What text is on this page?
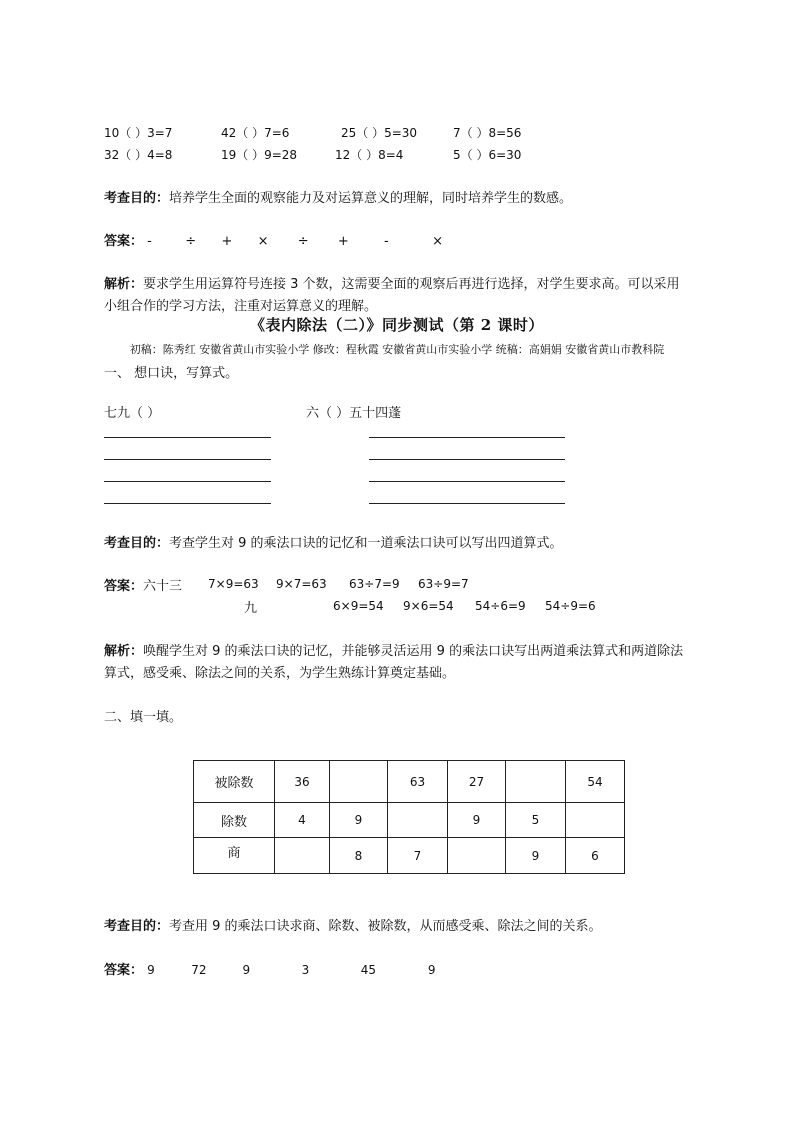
10（ ）3=7	42（ ）7=6	25（ ）5=30	7（ ）8=56
32（ ）4=8	19（ ）9=28	12（ ）8=4	5（ ）6=30
考查目的：培养学生全面的观察能力及对运算意义的理解，同时培养学生的数感。
答案： -	÷ + × ÷ +	-	×
解析：要求学生用运算符号连接 3 个数，这需要全面的观察后再进行选择，对学生要求高。可以采用
小组合作的学习方法，注重对运算意义的理解。
《表内除法（二）》同步测试（第 2 课时）
初稿：陈秀红 安徽省黄山市实验小学 修改：程秋霞 安徽省黄山市实验小学 统稿：高娟娟 安徽省黄山市教科院
一、 想口诀，写算式。
七九（ ）	六（ ）五十四蓬
考查目的：考查学生对 9 的乘法口诀的记忆和一道乘法口诀可以写出四道算式。
答案：六十三 7×9=63 9×7=63 63÷7=9 63÷9=7
九	6×9=54 9×6=54 54÷6=9 54÷9=6
解析：唤醒学生对 9 的乘法口诀的记忆，并能够灵活运用 9 的乘法口诀写出两道乘法算式和两道除法
算式，感受乘、除法之间的关系，为学生熟练计算奠定基础。
二、填一填。
被除数	36		63	27		54
除数	4	9		9	5	
商		8	7		9	6
考查目的：考查用 9 的乘法口诀求商、除数、被除数，从而感受乘、除法之间的关系。
答案： 9	72	9	3	45	9
